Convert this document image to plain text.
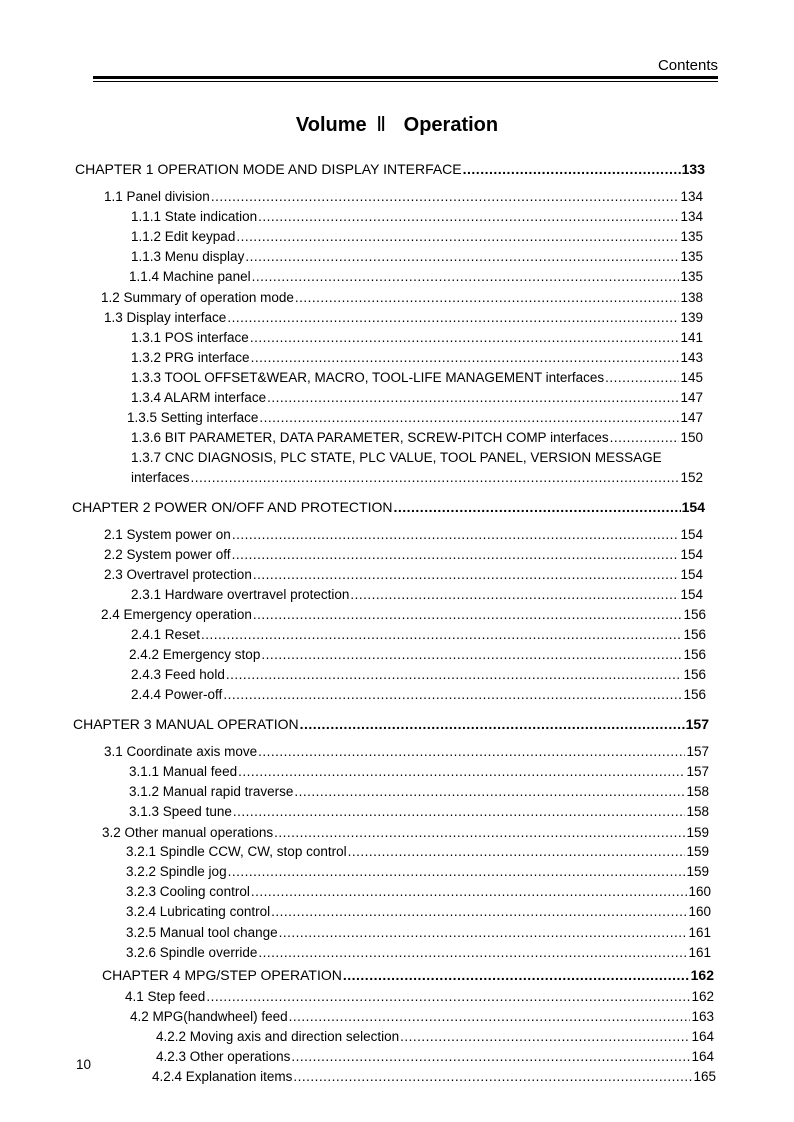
Contents
Volume Ⅱ Operation
CHAPTER 1 OPERATION MODE AND DISPLAY INTERFACE .....	133
1.1 Panel division .....	134
1.1.1 State indication .....	134
1.1.2 Edit keypad .....	135
1.1.3 Menu display .....	135
1.1.4 Machine panel .....	135
1.2 Summary of operation mode .....	138
1.3 Display interface .....	139
1.3.1 POS interface .....	141
1.3.2 PRG interface .....	143
1.3.3 TOOL OFFSET&WEAR, MACRO, TOOL-LIFE MANAGEMENT interfaces .....	145
1.3.4 ALARM interface .....	147
1.3.5 Setting interface .....	147
1.3.6 BIT PARAMETER, DATA PARAMETER, SCREW-PITCH COMP interfaces .....	150
1.3.7 CNC DIAGNOSIS, PLC STATE, PLC VALUE, TOOL PANEL, VERSION MESSAGE
interfaces .....	152
CHAPTER 2 POWER ON/OFF AND PROTECTION .....	154
2.1 System power on .....	154
2.2 System power off .....	154
2.3 Overtravel protection .....	154
2.3.1 Hardware overtravel protection .....	154
2.4 Emergency operation .....	156
2.4.1 Reset .....	156
2.4.2 Emergency stop .....	156
2.4.3 Feed hold .....	156
2.4.4 Power-off .....	156
CHAPTER 3 MANUAL OPERATION .....	157
3.1 Coordinate axis move .....	157
3.1.1 Manual feed .....	157
3.1.2 Manual rapid traverse .....	158
3.1.3 Speed tune .....	158
3.2 Other manual operations .....	159
3.2.1 Spindle CCW, CW, stop control .....	159
3.2.2 Spindle jog .....	159
3.2.3 Cooling control .....	160
3.2.4 Lubricating control .....	160
3.2.5 Manual tool change .....	161
3.2.6 Spindle override .....	161
CHAPTER 4 MPG/STEP OPERATION .....	162
4.1 Step feed .....	162
4.2 MPG(handwheel) feed .....	163
4.2.2 Moving axis and direction selection .....	164
4.2.3 Other operations .....	164
4.2.4 Explanation items .....	165
10
